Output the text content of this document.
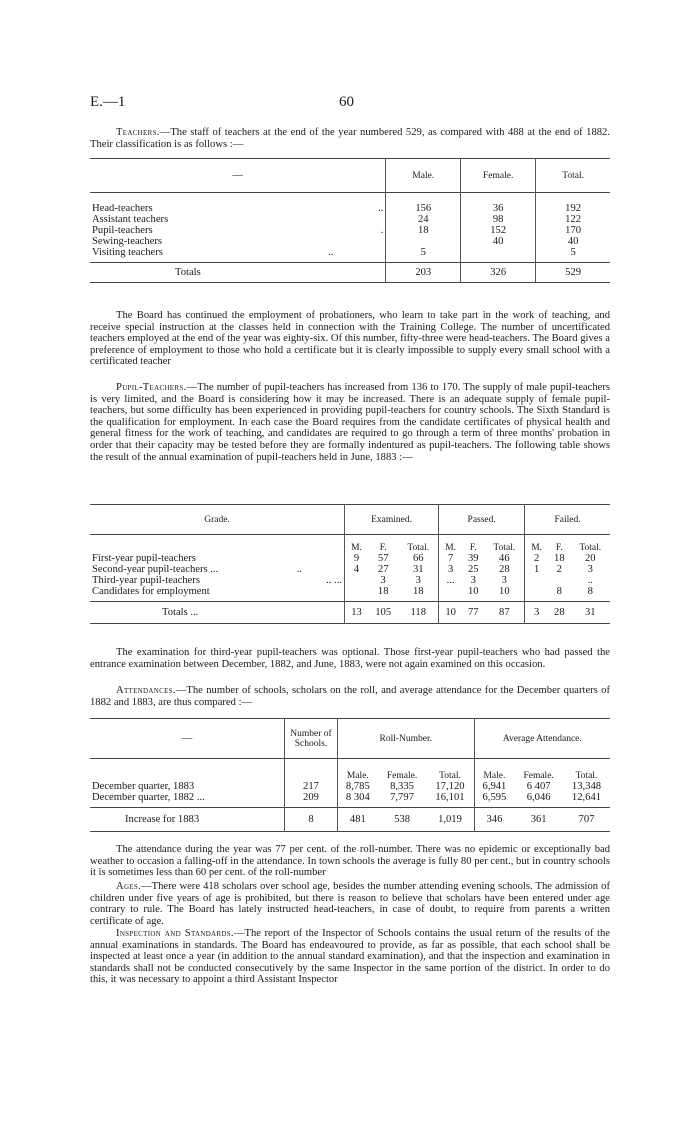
E.—1	60

Teachers.—The staff of teachers at the end of the year numbered 529, as compared with 488 at the end of 1882. Their classification is as follows :—

—	Male.	Female.	Total.

Head-teachers ..	156	36	192
Assistant teachers	24	98	122
Pupil-teachers .	18	152	170
Sewing-teachers		40	40
Visiting teachers ..	5		5

Totals	203	326	529

The Board has continued the employment of probationers, who learn to take part in the work of teaching, and receive special instruction at the classes held in connection with the Training College. The number of uncertificated teachers employed at the end of the year was eighty-six. Of this number, fifty-three were head-teachers. The Board gives a preference of employment to those who hold a certificate but it is clearly impossible to supply every small school with a certificated teacher

Pupil-Teachers.—The number of pupil-teachers has increased from 136 to 170. The supply of male pupil-teachers is very limited, and the Board is considering how it may be increased. There is an adequate supply of female pupil-teachers, but some difficulty has been experienced in providing pupil-teachers for country schools. The Sixth Standard is the qualification for employment. In each case the Board requires from the candidate certificates of physical health and general fitness for the work of teaching, and candidates are required to go through a term of three months' probation in order that their capacity may be tested before they are formally indentured as pupil-teachers. The following table shows the result of the annual examination of pupil-teachers held in June, 1883 :—

Grade.	Examined.			Passed.			Failed.		
	M.	F.	Total.	M.	F.	Total.	M.	F.	Total.
First-year pupil-teachers	9	57	66	7	39	46	2	18	20
Second-year pupil-teachers ... ..	4	27	31	3	25	28	1	2	3
Third-year pupil-teachers .. ...		3	3	...	3	3			..
Candidates for employment		18	18		10	10		8	8

Totals ...	13	105	118	10	77	87	3	28	31

The examination for third-year pupil-teachers was optional. Those first-year pupil-teachers who had passed the entrance examination between December, 1882, and June, 1883, were not again examined on this occasion.

Attendances.—The number of schools, scholars on the roll, and average attendance for the December quarters of 1882 and 1883, are thus compared :—

—	Number of Schools.	Roll-Number.			Average Attendance.		
		Male.	Female.	Total.	Male.	Female.	Total.
December quarter, 1883	217	8,785	8,335	17,120	6,941	6 407	13,348
December quarter, 1882 ...	209	8 304	7,797	16,101	6,595	6,046	12,641

Increase for 1883	8	481	538	1,019	346	361	707

The attendance during the year was 77 per cent. of the roll-number. There was no epidemic or exceptionally bad weather to occasion a falling-off in the attendance. In town schools the average is fully 80 per cent., but in country schools it is sometimes less than 60 per cent. of the roll-number

Ages.—There were 418 scholars over school age, besides the number attending evening schools. The admission of children under five years of age is prohibited, but there is reason to believe that scholars have been entered under age contrary to rule. The Board has lately instructed head-teachers, in case of doubt, to require from parents a written certificate of age.

Inspection and Standards.—The report of the Inspector of Schools contains the usual return of the results of the annual examinations in standards. The Board has endeavoured to provide, as far as possible, that each school shall be inspected at least once a year (in addition to the annual standard examination), and that the inspection and examination in standards shall not be conducted consecutively by the same Inspector in the same portion of the district. In order to do this, it was necessary to appoint a third Assistant Inspector
